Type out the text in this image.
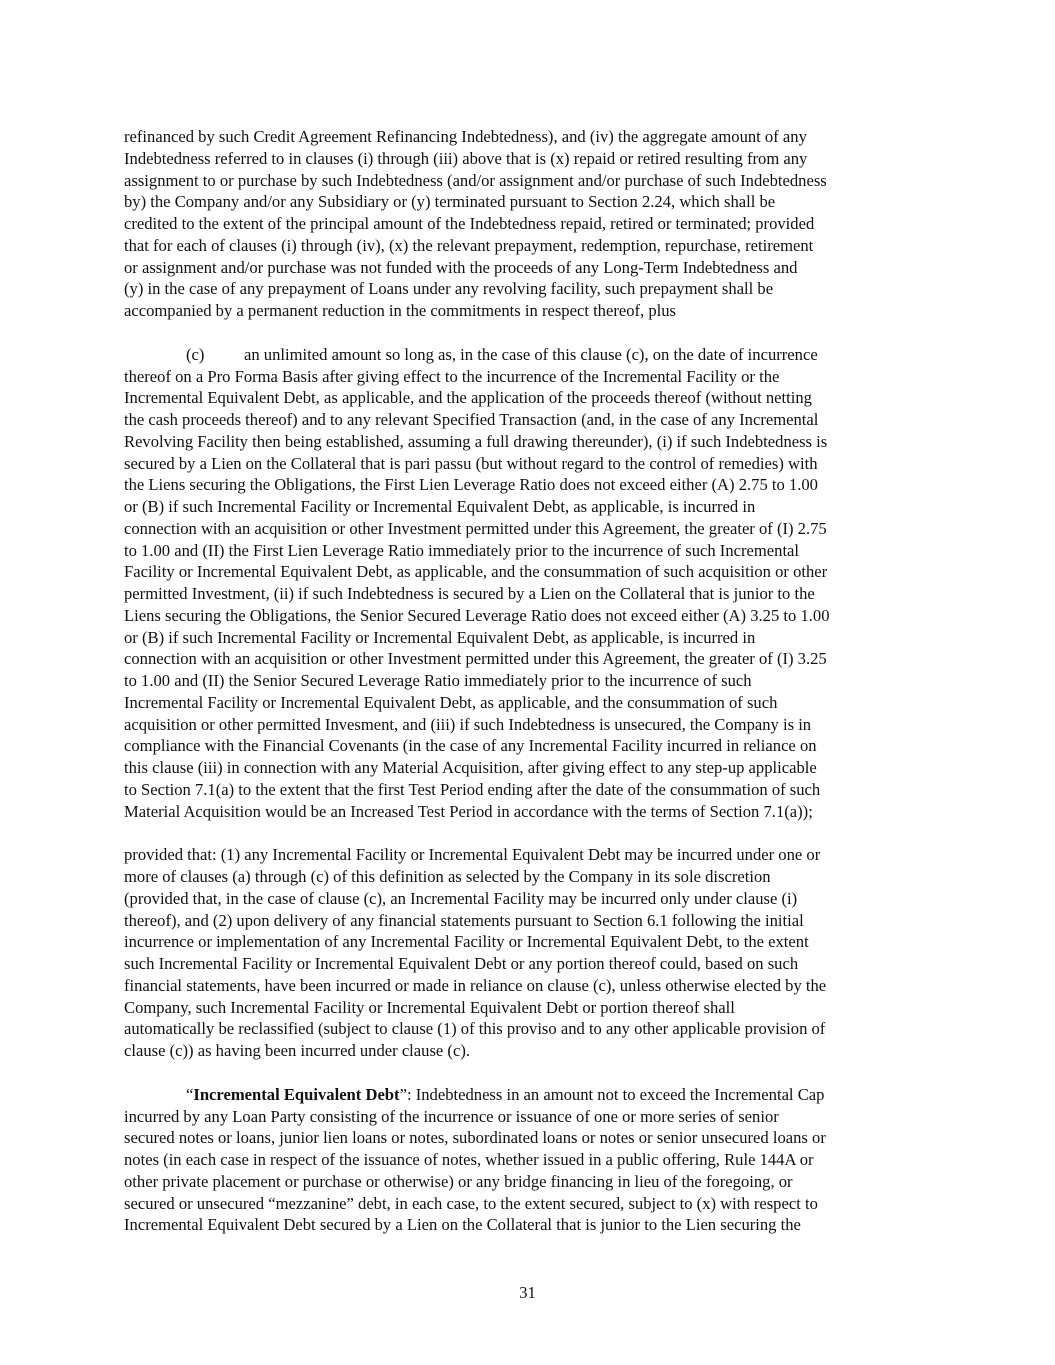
refinanced by such Credit Agreement Refinancing Indebtedness), and (iv) the aggregate amount of any
Indebtedness referred to in clauses (i) through (iii) above that is (x) repaid or retired resulting from any
assignment to or purchase by such Indebtedness (and/or assignment and/or purchase of such Indebtedness
by) the Company and/or any Subsidiary or (y) terminated pursuant to Section 2.24, which shall be
credited to the extent of the principal amount of the Indebtedness repaid, retired or terminated; provided
that for each of clauses (i) through (iv), (x) the relevant prepayment, redemption, repurchase, retirement
or assignment and/or purchase was not funded with the proceeds of any Long-Term Indebtedness and
(y) in the case of any prepayment of Loans under any revolving facility, such prepayment shall be
accompanied by a permanent reduction in the commitments in respect thereof, plus
(c) an unlimited amount so long as, in the case of this clause (c), on the date of incurrence
thereof on a Pro Forma Basis after giving effect to the incurrence of the Incremental Facility or the
Incremental Equivalent Debt, as applicable, and the application of the proceeds thereof (without netting
the cash proceeds thereof) and to any relevant Specified Transaction (and, in the case of any Incremental
Revolving Facility then being established, assuming a full drawing thereunder), (i) if such Indebtedness is
secured by a Lien on the Collateral that is pari passu (but without regard to the control of remedies) with
the Liens securing the Obligations, the First Lien Leverage Ratio does not exceed either (A) 2.75 to 1.00
or (B) if such Incremental Facility or Incremental Equivalent Debt, as applicable, is incurred in
connection with an acquisition or other Investment permitted under this Agreement, the greater of (I) 2.75
to 1.00 and (II) the First Lien Leverage Ratio immediately prior to the incurrence of such Incremental
Facility or Incremental Equivalent Debt, as applicable, and the consummation of such acquisition or other
permitted Investment, (ii) if such Indebtedness is secured by a Lien on the Collateral that is junior to the
Liens securing the Obligations, the Senior Secured Leverage Ratio does not exceed either (A) 3.25 to 1.00
or (B) if such Incremental Facility or Incremental Equivalent Debt, as applicable, is incurred in
connection with an acquisition or other Investment permitted under this Agreement, the greater of (I) 3.25
to 1.00 and (II) the Senior Secured Leverage Ratio immediately prior to the incurrence of such
Incremental Facility or Incremental Equivalent Debt, as applicable, and the consummation of such
acquisition or other permitted Invesment, and (iii) if such Indebtedness is unsecured, the Company is in
compliance with the Financial Covenants (in the case of any Incremental Facility incurred in reliance on
this clause (iii) in connection with any Material Acquisition, after giving effect to any step-up applicable
to Section 7.1(a) to the extent that the first Test Period ending after the date of the consummation of such
Material Acquisition would be an Increased Test Period in accordance with the terms of Section 7.1(a));
provided that: (1) any Incremental Facility or Incremental Equivalent Debt may be incurred under one or
more of clauses (a) through (c) of this definition as selected by the Company in its sole discretion
(provided that, in the case of clause (c), an Incremental Facility may be incurred only under clause (i)
thereof), and (2) upon delivery of any financial statements pursuant to Section 6.1 following the initial
incurrence or implementation of any Incremental Facility or Incremental Equivalent Debt, to the extent
such Incremental Facility or Incremental Equivalent Debt or any portion thereof could, based on such
financial statements, have been incurred or made in reliance on clause (c), unless otherwise elected by the
Company, such Incremental Facility or Incremental Equivalent Debt or portion thereof shall
automatically be reclassified (subject to clause (1) of this proviso and to any other applicable provision of
clause (c)) as having been incurred under clause (c).
“Incremental Equivalent Debt”: Indebtedness in an amount not to exceed the Incremental Cap
incurred by any Loan Party consisting of the incurrence or issuance of one or more series of senior
secured notes or loans, junior lien loans or notes, subordinated loans or notes or senior unsecured loans or
notes (in each case in respect of the issuance of notes, whether issued in a public offering, Rule 144A or
other private placement or purchase or otherwise) or any bridge financing in lieu of the foregoing, or
secured or unsecured “mezzanine” debt, in each case, to the extent secured, subject to (x) with respect to
Incremental Equivalent Debt secured by a Lien on the Collateral that is junior to the Lien securing the
31
